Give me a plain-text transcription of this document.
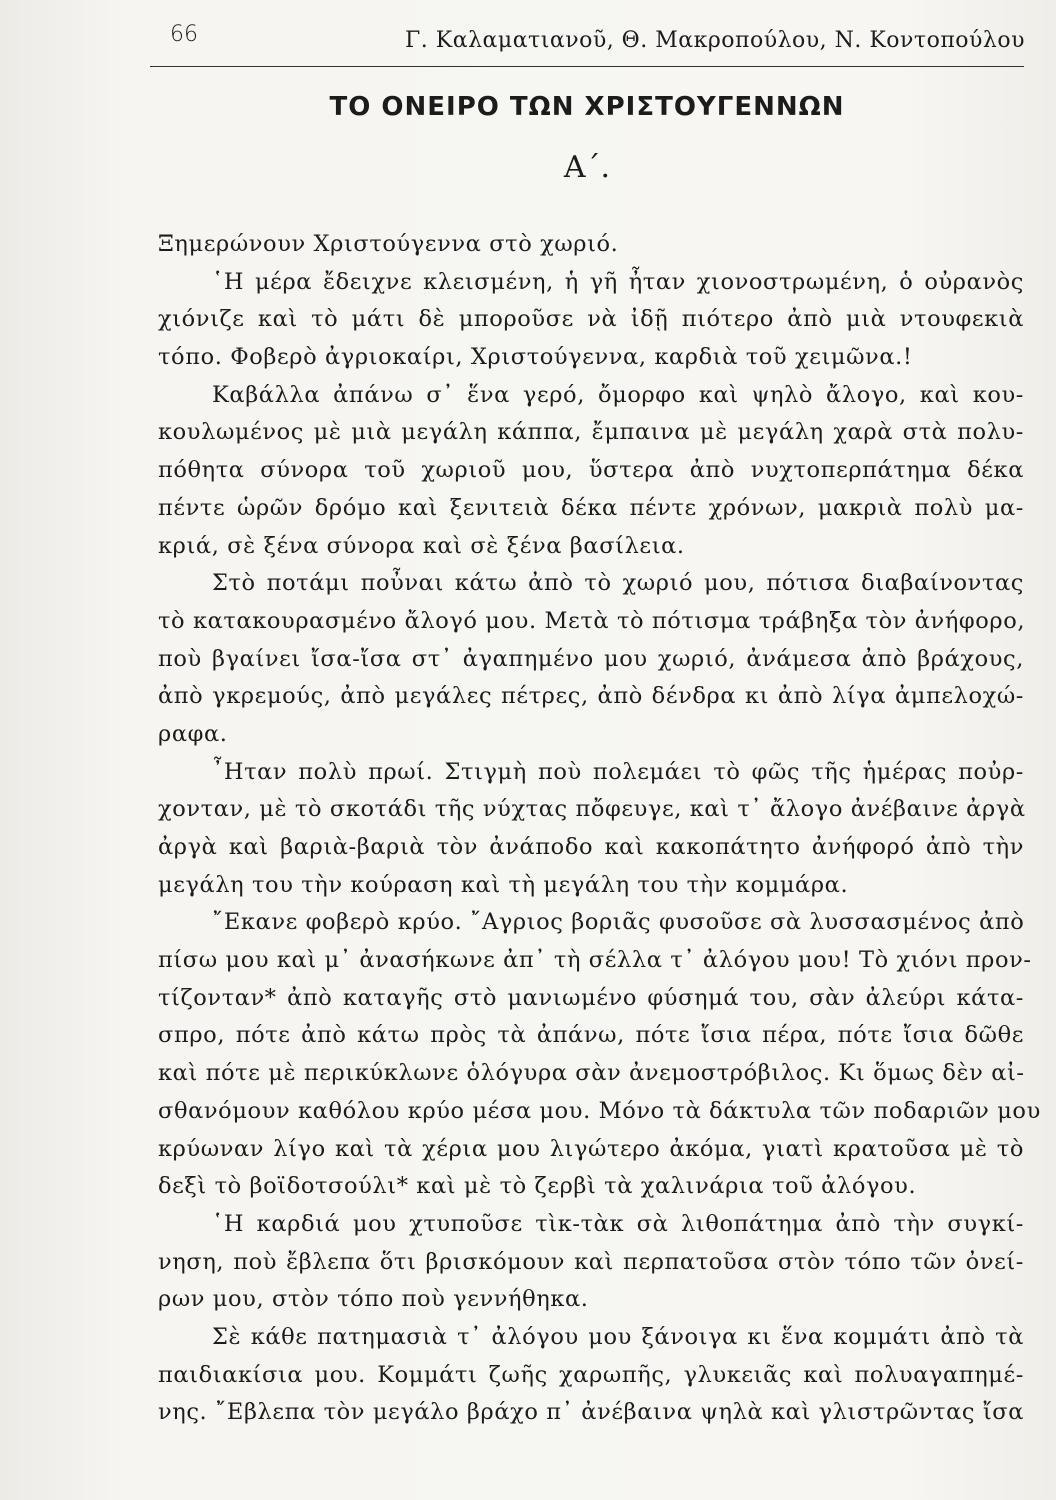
66	Γ. Καλαματιανοῦ, Θ. Μακροπούλου, Ν. Κοντοπούλου
ΤΟ ΟΝΕΙΡΟ ΤΩΝ ΧΡΙΣΤΟΥΓΕΝΝΩΝ
Α΄.
Ξημερώνουν Χριστούγεννα στὸ χωριό.
῾Η μέρα ἔδειχνε κλεισμένη, ἡ γῆ ἦταν χιονοστρωμένη, ὁ οὐρανὸς
χιόνιζε καὶ τὸ μάτι δὲ μποροῦσε νὰ ἰδῇ πιότερο ἀπὸ μιὰ ντουφεκιὰ
τόπο. Φοβερὸ ἀγριοκαίρι, Χριστούγεννα, καρδιὰ τοῦ χειμῶνα.!
Καβάλλα ἀπάνω σ᾽ ἕνα γερό, ὄμορφο καὶ ψηλὸ ἄλογο, καὶ κου-
κουλωμένος μὲ μιὰ μεγάλη κάππα, ἔμπαινα μὲ μεγάλη χαρὰ στὰ πολυ-
πόθητα σύνορα τοῦ χωριοῦ μου, ὕστερα ἀπὸ νυχτοπερπάτημα δέκα
πέντε ὡρῶν δρόμο καὶ ξενιτειὰ δέκα πέντε χρόνων, μακριὰ πολὺ μα-
κριά, σὲ ξένα σύνορα καὶ σὲ ξένα βασίλεια.
Στὸ ποτάμι ποὖναι κάτω ἀπὸ τὸ χωριό μου, πότισα διαβαίνοντας
τὸ κατακουρασμένο ἄλογό μου. Μετὰ τὸ πότισμα τράβηξα τὸν ἀνήφορο,
ποὺ βγαίνει ἴσα-ἴσα στ᾽ ἀγαπημένο μου χωριό, ἀνάμεσα ἀπὸ βράχους,
ἀπὸ γκρεμούς, ἀπὸ μεγάλες πέτρες, ἀπὸ δένδρα κι ἀπὸ λίγα ἀμπελοχώ-
ραφα.
῏Ηταν πολὺ πρωί. Στιγμὴ ποὺ πολεμάει τὸ φῶς τῆς ἡμέρας ποὐρ-
χονταν, μὲ τὸ σκοτάδι τῆς νύχτας πὄφευγε, καὶ τ᾽ ἄλογο ἀνέβαινε ἀργὰ
ἀργὰ καὶ βαριὰ-βαριὰ τὸν ἀνάποδο καὶ κακοπάτητο ἀνήφορό ἀπὸ τὴν
μεγάλη του τὴν κούραση καὶ τὴ μεγάλη του τὴν κομμάρα.
῎Εκανε φοβερὸ κρύο. ῎Αγριος βοριᾶς φυσοῦσε σὰ λυσσασμένος ἀπὸ
πίσω μου καὶ μ᾽ ἀνασήκωνε ἀπ᾽ τὴ σέλλα τ᾽ ἀλόγου μου! Τὸ χιόνι προν-
τίζονταν* ἀπὸ καταγῆς στὸ μανιωμένο φύσημά του, σὰν ἀλεύρι κάτα-
σπρο, πότε ἀπὸ κάτω πρὸς τὰ ἀπάνω, πότε ἴσια πέρα, πότε ἴσια δῶθε
καὶ πότε μὲ περικύκλωνε ὁλόγυρα σὰν ἀνεμοστρόβιλος. Κι ὅμως δὲν αἰ-
σθανόμουν καθόλου κρύο μέσα μου. Μόνο τὰ δάκτυλα τῶν ποδαριῶν μου
κρύωναν λίγο καὶ τὰ χέρια μου λιγώτερο ἀκόμα, γιατὶ κρατοῦσα μὲ τὸ
δεξὶ τὸ βοϊδοτσούλι* καὶ μὲ τὸ ζερβὶ τὰ χαλινάρια τοῦ ἀλόγου.
῾Η καρδιά μου χτυποῦσε τὶκ-τὰκ σὰ λιθοπάτημα ἀπὸ τὴν συγκί-
νηση, ποὺ ἔβλεπα ὅτι βρισκόμουν καὶ περπατοῦσα στὸν τόπο τῶν ὀνεί-
ρων μου, στὸν τόπο ποὺ γεννήθηκα.
Σὲ κάθε πατημασιὰ τ᾽ ἀλόγου μου ξάνοιγα κι ἕνα κομμάτι ἀπὸ τὰ
παιδιακίσια μου. Κομμάτι ζωῆς χαρωπῆς, γλυκειᾶς καὶ πολυαγαπημέ-
νης. ῎Εβλεπα τὸν μεγάλο βράχο π᾽ ἀνέβαινα ψηλὰ καὶ γλιστρῶντας ἴσα
